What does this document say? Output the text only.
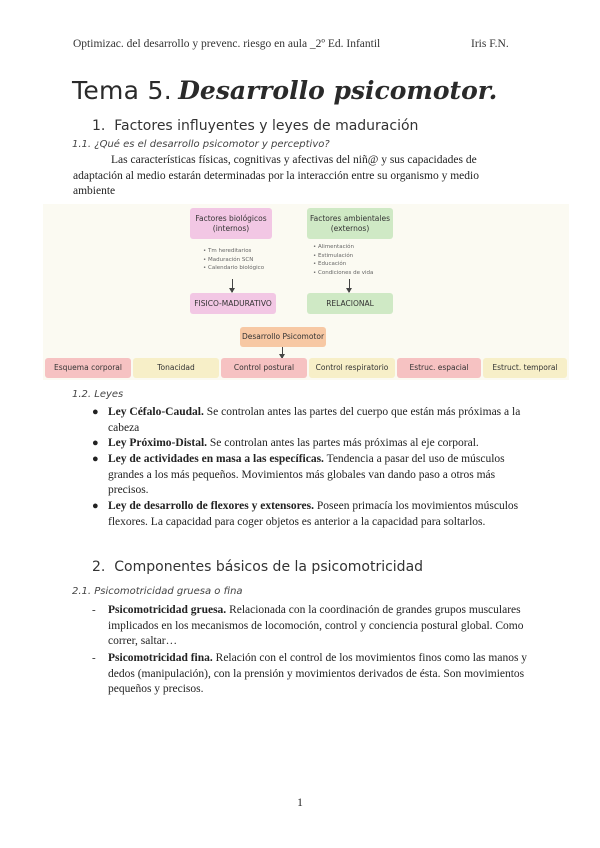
Optimizac. del desarrollo y prevenc. riesgo en aula _2º Ed. Infantil	Iris F.N.
Tema 5. Desarrollo psicomotor.
1. Factores influyentes y leyes de maduración
1.1. ¿Qué es el desarrollo psicomotor y perceptivo?
Las características físicas, cognitivas y afectivas del niñ@ y sus capacidades de adaptación al medio estarán determinadas por la interacción entre su organismo y medio ambiente
Factores biológicos
(internos)
Factores ambientales
(externos)
• Tm hereditarios
• Maduración SCN
• Calendario biológico
• Alimentación
• Estimulación
• Educación
• Condiciones de vida
FISICO-MADURATIVO	RELACIONAL
Desarrollo Psicomotor
Esquema corporal	Tonacidad	Control postural	Control respiratorio	Estruc. espacial	Estruct. temporal
1.2. Leyes
● Ley Céfalo-Caudal. Se controlan antes las partes del cuerpo que están más próximas a la cabeza
● Ley Próximo-Distal. Se controlan antes las partes más próximas al eje corporal.
● Ley de actividades en masa a las específicas. Tendencia a pasar del uso de músculos grandes a los más pequeños. Movimientos más globales van dando paso a otros más precisos.
● Ley de desarrollo de flexores y extensores. Poseen primacía los movimientos músculos flexores. La capacidad para coger objetos es anterior a la capacidad para soltarlos.
2. Componentes básicos de la psicomotricidad
2.1. Psicomotricidad gruesa o fina
- Psicomotricidad gruesa. Relacionada con la coordinación de grandes grupos musculares implicados en los mecanismos de locomoción, control y conciencia postural global. Como correr, saltar…
- Psicomotricidad fina. Relación con el control de los movimientos finos como las manos y dedos (manipulación), con la prensión y movimientos derivados de ésta. Son movimientos pequeños y precisos.
1
